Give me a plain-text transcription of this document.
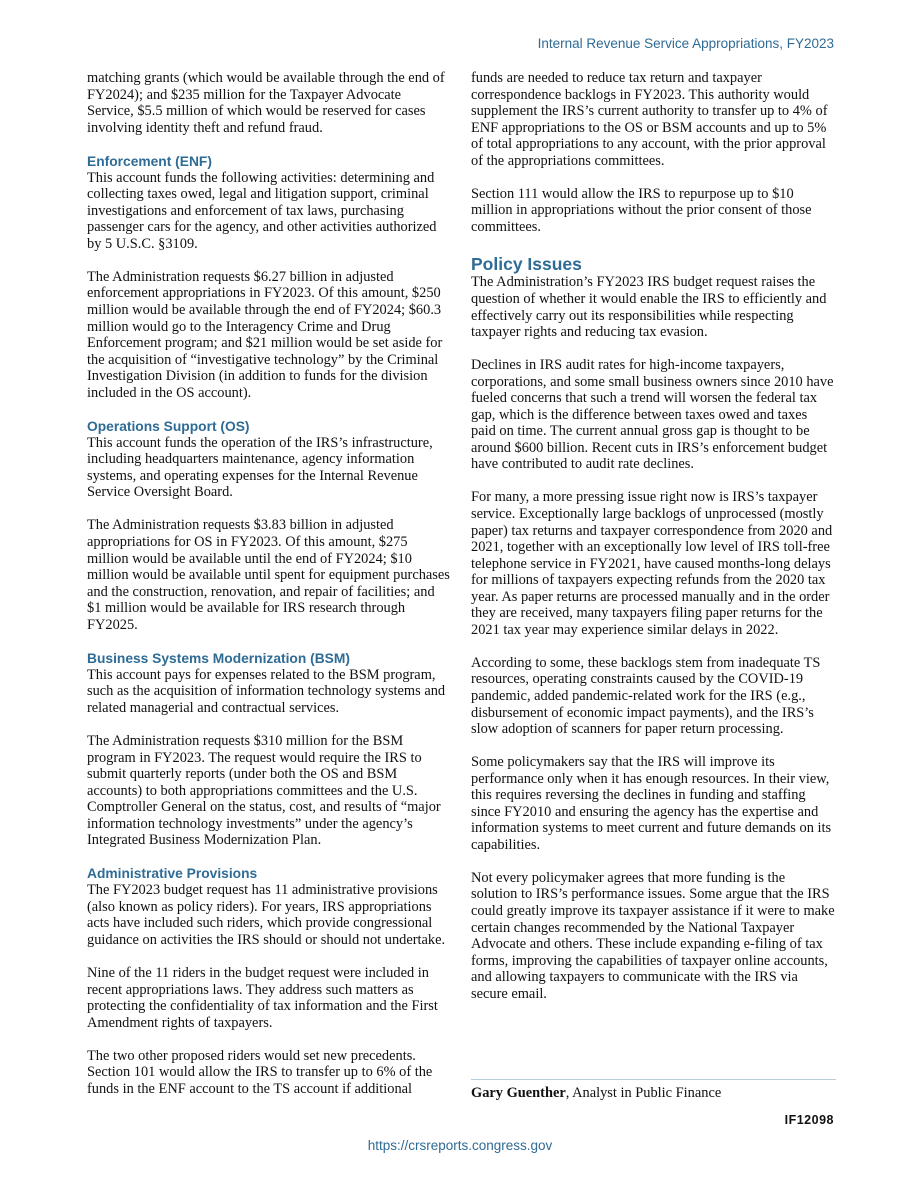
Internal Revenue Service Appropriations, FY2023

matching grants (which would be available through the end of FY2024); and $235 million for the Taxpayer Advocate Service, $5.5 million of which would be reserved for cases involving identity theft and refund fraud.

Enforcement (ENF)

This account funds the following activities: determining and collecting taxes owed, legal and litigation support, criminal investigations and enforcement of tax laws, purchasing passenger cars for the agency, and other activities authorized by 5 U.S.C. §3109.

The Administration requests $6.27 billion in adjusted enforcement appropriations in FY2023. Of this amount, $250 million would be available through the end of FY2024; $60.3 million would go to the Interagency Crime and Drug Enforcement program; and $21 million would be set aside for the acquisition of “investigative technology” by the Criminal Investigation Division (in addition to funds for the division included in the OS account).

Operations Support (OS)

This account funds the operation of the IRS’s infrastructure, including headquarters maintenance, agency information systems, and operating expenses for the Internal Revenue Service Oversight Board.

The Administration requests $3.83 billion in adjusted appropriations for OS in FY2023. Of this amount, $275 million would be available until the end of FY2024; $10 million would be available until spent for equipment purchases and the construction, renovation, and repair of facilities; and $1 million would be available for IRS research through FY2025.

Business Systems Modernization (BSM)

This account pays for expenses related to the BSM program, such as the acquisition of information technology systems and related managerial and contractual services.

The Administration requests $310 million for the BSM program in FY2023. The request would require the IRS to submit quarterly reports (under both the OS and BSM accounts) to both appropriations committees and the U.S. Comptroller General on the status, cost, and results of “major information technology investments” under the agency’s Integrated Business Modernization Plan.

Administrative Provisions

The FY2023 budget request has 11 administrative provisions (also known as policy riders). For years, IRS appropriations acts have included such riders, which provide congressional guidance on activities the IRS should or should not undertake.

Nine of the 11 riders in the budget request were included in recent appropriations laws. They address such matters as protecting the confidentiality of tax information and the First Amendment rights of taxpayers.

The two other proposed riders would set new precedents. Section 101 would allow the IRS to transfer up to 6% of the funds in the ENF account to the TS account if additional

funds are needed to reduce tax return and taxpayer correspondence backlogs in FY2023. This authority would supplement the IRS’s current authority to transfer up to 4% of ENF appropriations to the OS or BSM accounts and up to 5% of total appropriations to any account, with the prior approval of the appropriations committees.

Section 111 would allow the IRS to repurpose up to $10 million in appropriations without the prior consent of those committees.

Policy Issues

The Administration’s FY2023 IRS budget request raises the question of whether it would enable the IRS to efficiently and effectively carry out its responsibilities while respecting taxpayer rights and reducing tax evasion.

Declines in IRS audit rates for high-income taxpayers, corporations, and some small business owners since 2010 have fueled concerns that such a trend will worsen the federal tax gap, which is the difference between taxes owed and taxes paid on time. The current annual gross gap is thought to be around $600 billion. Recent cuts in IRS’s enforcement budget have contributed to audit rate declines.

For many, a more pressing issue right now is IRS’s taxpayer service. Exceptionally large backlogs of unprocessed (mostly paper) tax returns and taxpayer correspondence from 2020 and 2021, together with an exceptionally low level of IRS toll-free telephone service in FY2021, have caused months-long delays for millions of taxpayers expecting refunds from the 2020 tax year. As paper returns are processed manually and in the order they are received, many taxpayers filing paper returns for the 2021 tax year may experience similar delays in 2022.

According to some, these backlogs stem from inadequate TS resources, operating constraints caused by the COVID-19 pandemic, added pandemic-related work for the IRS (e.g., disbursement of economic impact payments), and the IRS’s slow adoption of scanners for paper return processing.

Some policymakers say that the IRS will improve its performance only when it has enough resources. In their view, this requires reversing the declines in funding and staffing since FY2010 and ensuring the agency has the expertise and information systems to meet current and future demands on its capabilities.

Not every policymaker agrees that more funding is the solution to IRS’s performance issues. Some argue that the IRS could greatly improve its taxpayer assistance if it were to make certain changes recommended by the National Taxpayer Advocate and others. These include expanding e-filing of tax forms, improving the capabilities of taxpayer online accounts, and allowing taxpayers to communicate with the IRS via secure email.

Gary Guenther, Analyst in Public Finance
IF12098
https://crsreports.congress.gov
